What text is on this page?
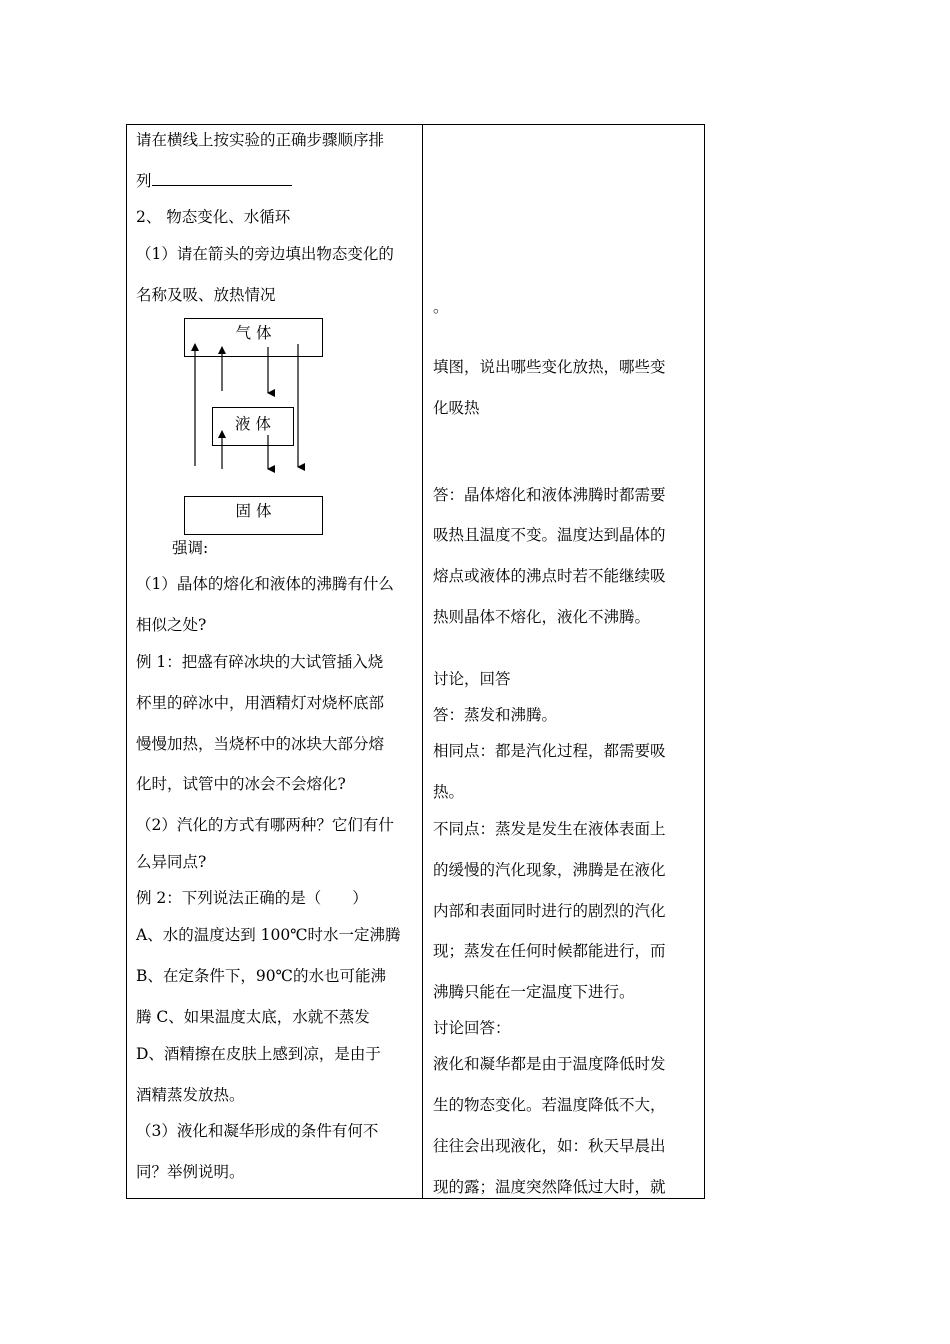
请在横线上按实验的正确步骤顺序排
列
2、 物态变化、水循环
（1）请在箭头的旁边填出物态变化的
名称及吸、放热情况
气 体
液 体
固 体
强调:
（1）晶体的熔化和液体的沸腾有什么
相似之处?
例 1：把盛有碎冰块的大试管插入烧
杯里的碎冰中，用酒精灯对烧杯底部
慢慢加热，当烧杯中的冰块大部分熔
化时，试管中的冰会不会熔化?
（2）汽化的方式有哪两种？它们有什
么异同点?
例 2：下列说法正确的是（　　）
A、水的温度达到 100℃时水一定沸腾
B、在定条件下，90℃的水也可能沸
腾 C、如果温度太底，水就不蒸发
D、酒精擦在皮肤上感到凉，是由于
酒精蒸发放热。
（3）液化和凝华形成的条件有何不
同？举例说明。
。
填图，说出哪些变化放热，哪些变
化吸热
答：晶体熔化和液体沸腾时都需要
吸热且温度不变。温度达到晶体的
熔点或液体的沸点时若不能继续吸
热则晶体不熔化，液化不沸腾。
讨论，回答
答：蒸发和沸腾。
相同点：都是汽化过程，都需要吸
热。
不同点：蒸发是发生在液体表面上
的缓慢的汽化现象，沸腾是在液化
内部和表面同时进行的剧烈的汽化
现；蒸发在任何时候都能进行，而
沸腾只能在一定温度下进行。
讨论回答：
液化和凝华都是由于温度降低时发
生的物态变化。若温度降低不大，
往往会出现液化，如：秋天早晨出
现的露；温度突然降低过大时，就
